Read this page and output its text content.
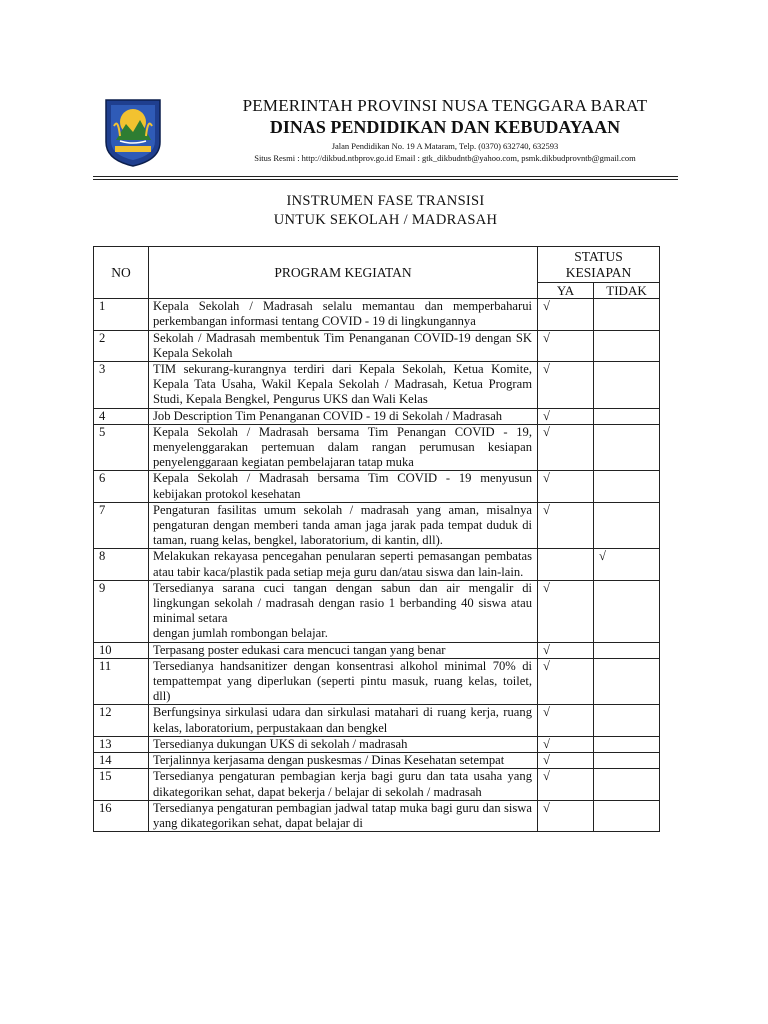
PEMERINTAH PROVINSI NUSA TENGGARA BARAT
DINAS PENDIDIKAN DAN KEBUDAYAAN
Jalan Pendidikan No. 19 A Mataram, Telp. (0370) 632740, 632593
Situs Resmi : http://dikbud.ntbprov.go.id Email : gtk_dikbudntb@yahoo.com, psmk.dikbudprovntb@gmail.com
INSTRUMEN FASE TRANSISI
UNTUK SEKOLAH / MADRASAH
NO	PROGRAM KEGIATAN	STATUS KESIAPAN	
		YA	TIDAK
1	Kepala Sekolah / Madrasah selalu memantau dan memperbaharui perkembangan informasi tentang COVID - 19 di lingkungannya	√	
2	Sekolah / Madrasah membentuk Tim Penanganan COVID-19 dengan SK Kepala Sekolah	√	
3	TIM sekurang-kurangnya terdiri dari Kepala Sekolah, Ketua Komite, Kepala Tata Usaha, Wakil Kepala Sekolah / Madrasah, Ketua Program Studi, Kepala Bengkel, Pengurus UKS dan Wali Kelas	√	
4	Job Description Tim Penanganan COVID - 19 di Sekolah / Madrasah	√	
5	Kepala Sekolah / Madrasah bersama Tim Penangan COVID - 19, menyelenggarakan pertemuan dalam rangan perumusan kesiapan penyelenggaraan kegiatan pembelajaran tatap muka	√	
6	Kepala Sekolah / Madrasah bersama Tim COVID - 19 menyusun kebijakan protokol kesehatan	√	
7	Pengaturan fasilitas umum sekolah / madrasah yang aman, misalnya pengaturan dengan memberi tanda aman jaga jarak pada tempat duduk di taman, ruang kelas, bengkel, laboratorium, di kantin, dll).	√	
8	Melakukan rekayasa pencegahan penularan seperti pemasangan pembatas atau tabir kaca/plastik pada setiap meja guru dan/atau siswa dan lain-lain.		√
9	Tersedianya sarana cuci tangan dengan sabun dan air mengalir di lingkungan sekolah / madrasah dengan rasio 1 berbanding 40 siswa atau minimal setara
dengan jumlah rombongan belajar.	√	
10	Terpasang poster edukasi cara mencuci tangan yang benar	√	
11	Tersedianya handsanitizer dengan konsentrasi alkohol minimal 70% di tempattempat yang diperlukan (seperti pintu masuk, ruang kelas, toilet, dll)	√	
12	Berfungsinya sirkulasi udara dan sirkulasi matahari di ruang kerja, ruang kelas, laboratorium, perpustakaan dan bengkel	√	
13	Tersedianya dukungan UKS di sekolah / madrasah	√	
14	Terjalinnya kerjasama dengan puskesmas / Dinas Kesehatan setempat	√	
15	Tersedianya pengaturan pembagian kerja bagi guru dan tata usaha yang dikategorikan sehat, dapat bekerja / belajar di sekolah / madrasah	√	
16	Tersedianya pengaturan pembagian jadwal tatap muka bagi guru dan siswa yang dikategorikan sehat, dapat belajar di	√	
